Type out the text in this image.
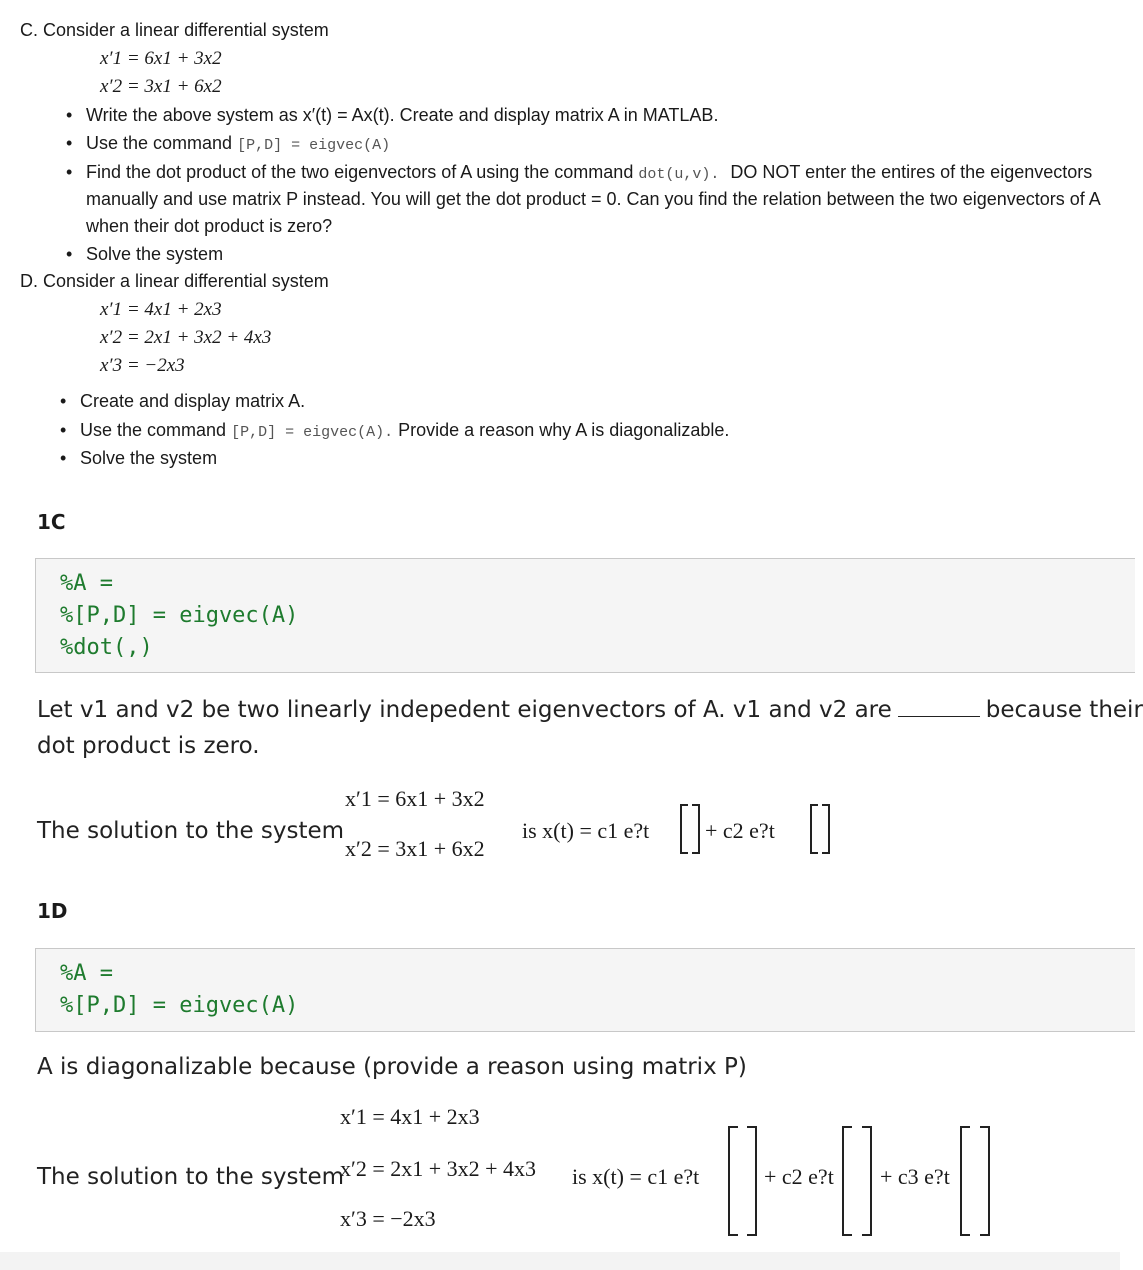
C. Consider a linear differential system
x′1 = 6x1 + 3x2
x′2 = 3x1 + 6x2
• Write the above system as x′(t) = Ax(t). Create and display matrix A in MATLAB.
• Use the command [P,D] = eigvec(A)
• Find the dot product of the two eigenvectors of A using the command dot(u,v). DO NOT enter the entires of the eigenvectors
manually and use matrix P instead. You will get the dot product = 0. Can you find the relation between the two eigenvectors of A
when their dot product is zero?
• Solve the system
D. Consider a linear differential system
x′1 = 4x1 + 2x3
x′2 = 2x1 + 3x2 + 4x3
x′3 = −2x3
• Create and display matrix A.
• Use the command [P,D] = eigvec(A). Provide a reason why A is diagonalizable.
• Solve the system
1C
%A =
%[P,D] = eigvec(A)
%dot(,)
Let v1 and v2 be two linearly indepedent eigenvectors of A. v1 and v2 are	because their
dot product is zero.
The solution to the system
x′1 = 6x1 + 3x2
x′2 = 3x1 + 6x2
is x(t) = c1 e?t	+ c2 e?t
1D
%A =
%[P,D] = eigvec(A)
A is diagonalizable because (provide a reason using matrix P)
The solution to the system
x′1 = 4x1 + 2x3
x′2 = 2x1 + 3x2 + 4x3
x′3 = −2x3
is x(t) = c1 e?t	+ c2 e?t + c3 e?t
